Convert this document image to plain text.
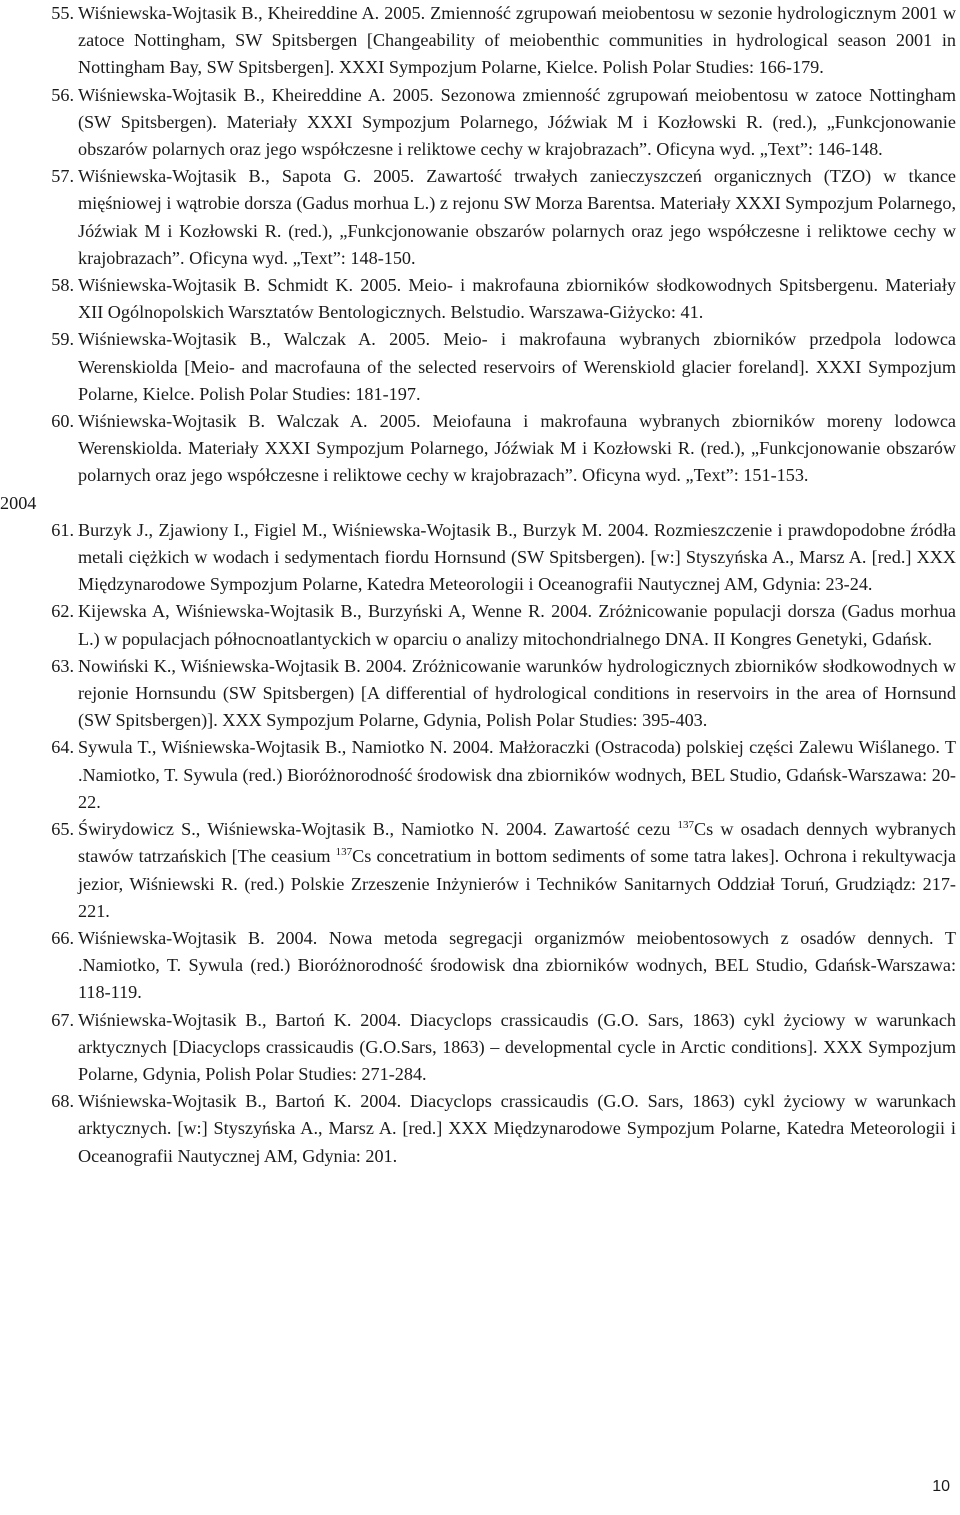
55. Wiśniewska-Wojtasik B., Kheireddine A. 2005. Zmienność zgrupowań meiobentosu w sezonie hydrologicznym 2001 w zatoce Nottingham, SW Spitsbergen [Changeability of meiobenthic communities in hydrological season 2001 in Nottingham Bay, SW Spitsbergen]. XXXI Sympozjum Polarne, Kielce. Polish Polar Studies: 166-179.
56. Wiśniewska-Wojtasik B., Kheireddine A. 2005. Sezonowa zmienność zgrupowań meiobentosu w zatoce Nottingham (SW Spitsbergen). Materiały XXXI Sympozjum Polarnego, Jóźwiak M i Kozłowski R. (red.), „Funkcjonowanie obszarów polarnych oraz jego współczesne i reliktowe cechy w krajobrazach”. Oficyna wyd. „Text”: 146-148.
57. Wiśniewska-Wojtasik B., Sapota G. 2005. Zawartość trwałych zanieczyszczeń organicznych (TZO) w tkance mięśniowej i wątrobie dorsza (Gadus morhua L.) z rejonu SW Morza Barentsa. Materiały XXXI Sympozjum Polarnego, Jóźwiak M i Kozłowski R. (red.), „Funkcjonowanie obszarów polarnych oraz jego współczesne i reliktowe cechy w krajobrazach”. Oficyna wyd. „Text”: 148-150.
58. Wiśniewska-Wojtasik B. Schmidt K. 2005. Meio- i makrofauna zbiorników słodkowodnych Spitsbergenu. Materiały XII Ogólnopolskich Warsztatów Bentologicznych. Belstudio. Warszawa-Giżycko: 41.
59. Wiśniewska-Wojtasik B., Walczak A. 2005. Meio- i makrofauna wybranych zbiorników przedpola lodowca Werenskiolda [Meio- and macrofauna of the selected reservoirs of Werenskiold glacier foreland]. XXXI Sympozjum Polarne, Kielce. Polish Polar Studies: 181-197.
60. Wiśniewska-Wojtasik B. Walczak A. 2005. Meiofauna i makrofauna wybranych zbiorników moreny lodowca Werenskiolda. Materiały XXXI Sympozjum Polarnego, Jóźwiak M i Kozłowski R. (red.), „Funkcjonowanie obszarów polarnych oraz jego współczesne i reliktowe cechy w krajobrazach”. Oficyna wyd. „Text”: 151-153.
2004
61. Burzyk J., Zjawiony I., Figiel M., Wiśniewska-Wojtasik B., Burzyk M. 2004. Rozmieszczenie i prawdopodobne źródła metali ciężkich w wodach i sedymentach fiordu Hornsund (SW Spitsbergen). [w:] Styszyńska A., Marsz A. [red.] XXX Międzynarodowe Sympozjum Polarne, Katedra Meteorologii i Oceanografii Nautycznej AM, Gdynia: 23-24.
62. Kijewska A, Wiśniewska-Wojtasik B., Burzyński A, Wenne R. 2004. Zróżnicowanie populacji dorsza (Gadus morhua L.) w populacjach północnoatlantyckich w oparciu o analizy mitochondrialnego DNA. II Kongres Genetyki, Gdańsk.
63. Nowiński K., Wiśniewska-Wojtasik B. 2004. Zróżnicowanie warunków hydrologicznych zbiorników słodkowodnych w rejonie Hornsundu (SW Spitsbergen) [A differential of hydrological conditions in reservoirs in the area of Hornsund (SW Spitsbergen)]. XXX Sympozjum Polarne, Gdynia, Polish Polar Studies: 395-403.
64. Sywula T., Wiśniewska-Wojtasik B., Namiotko N. 2004. Małżoraczki (Ostracoda) polskiej części Zalewu Wiślanego. T .Namiotko, T. Sywula (red.) Bioróżnorodność środowisk dna zbiorników wodnych, BEL Studio, Gdańsk-Warszawa: 20-22.
65. Świrydowicz S., Wiśniewska-Wojtasik B., Namiotko N. 2004. Zawartość cezu $^{137}$Cs w osadach dennych wybranych stawów tatrzańskich [The ceasium $^{137}$Cs concetratium in bottom sediments of some tatra lakes]. Ochrona i rekultywacja jezior, Wiśniewski R. (red.) Polskie Zrzeszenie Inżynierów i Techników Sanitarnych Oddział Toruń, Grudziądz: 217-221.
66. Wiśniewska-Wojtasik B. 2004. Nowa metoda segregacji organizmów meiobentosowych z osadów dennych. T .Namiotko, T. Sywula (red.) Bioróżnorodność środowisk dna zbiorników wodnych, BEL Studio, Gdańsk-Warszawa: 118-119.
67. Wiśniewska-Wojtasik B., Bartoń K. 2004. Diacyclops crassicaudis (G.O. Sars, 1863) cykl życiowy w warunkach arktycznych [Diacyclops crassicaudis (G.O.Sars, 1863) – developmental cycle in Arctic conditions]. XXX Sympozjum Polarne, Gdynia, Polish Polar Studies: 271-284.
68. Wiśniewska-Wojtasik B., Bartoń K. 2004. Diacyclops crassicaudis (G.O. Sars, 1863) cykl życiowy w warunkach arktycznych. [w:] Styszyńska A., Marsz A. [red.] XXX Międzynarodowe Sympozjum Polarne, Katedra Meteorologii i Oceanografii Nautycznej AM, Gdynia: 201.
10
